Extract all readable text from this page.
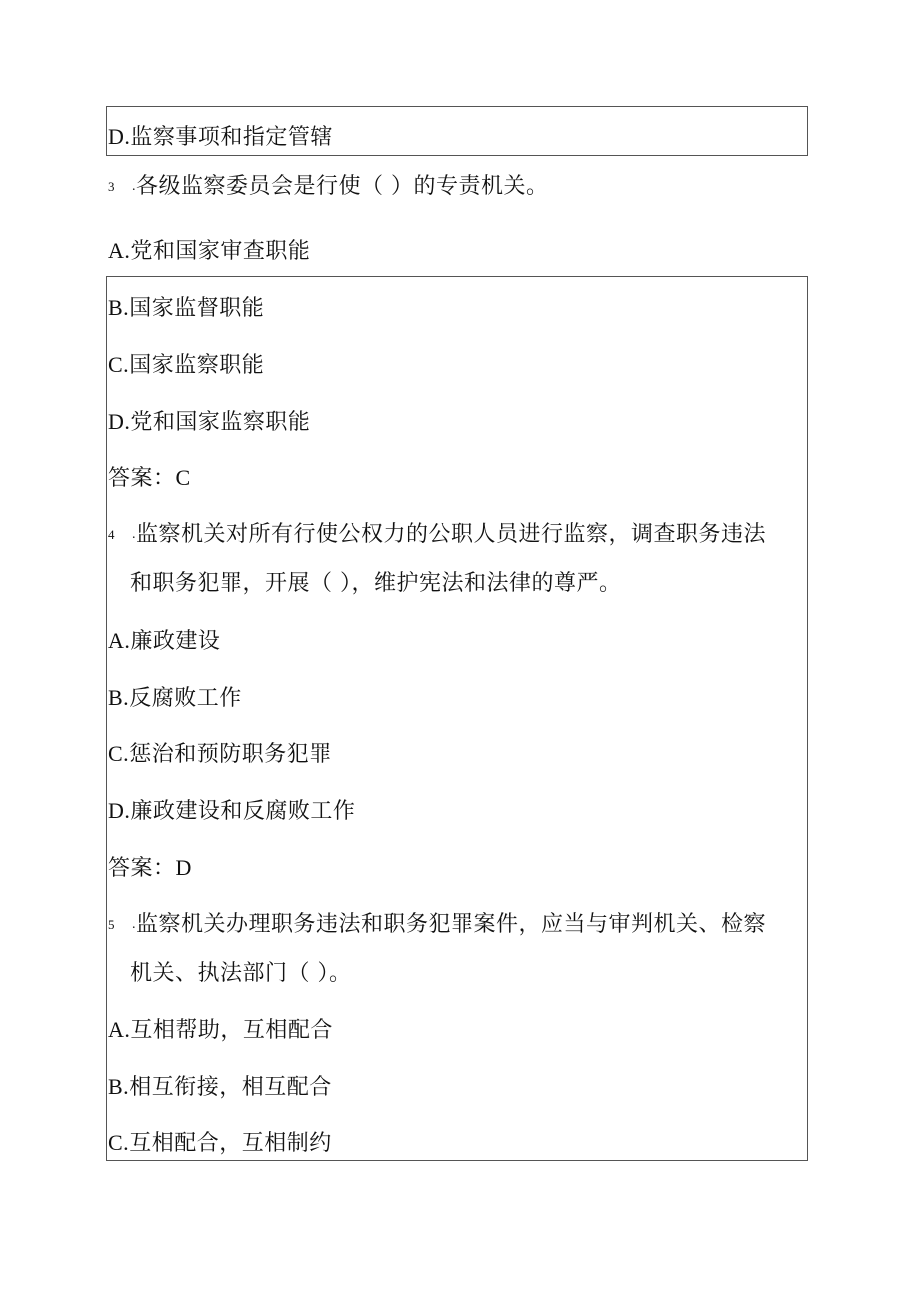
D.监察事项和指定管辖
3 .各级监察委员会是行使（ ）的专责机关。
A.党和国家审查职能
B.国家监督职能
C.国家监察职能
D.党和国家监察职能
答案：C
4 .监察机关对所有行使公权力的公职人员进行监察，调查职务违法
和职务犯罪，开展（ ），维护宪法和法律的尊严。
A.廉政建设
B.反腐败工作
C.惩治和预防职务犯罪
D.廉政建设和反腐败工作
答案：D
5 .监察机关办理职务违法和职务犯罪案件，应当与审判机关、检察
机关、执法部门（ ）。
A.互相帮助，互相配合
B.相互衔接，相互配合
C.互相配合，互相制约
